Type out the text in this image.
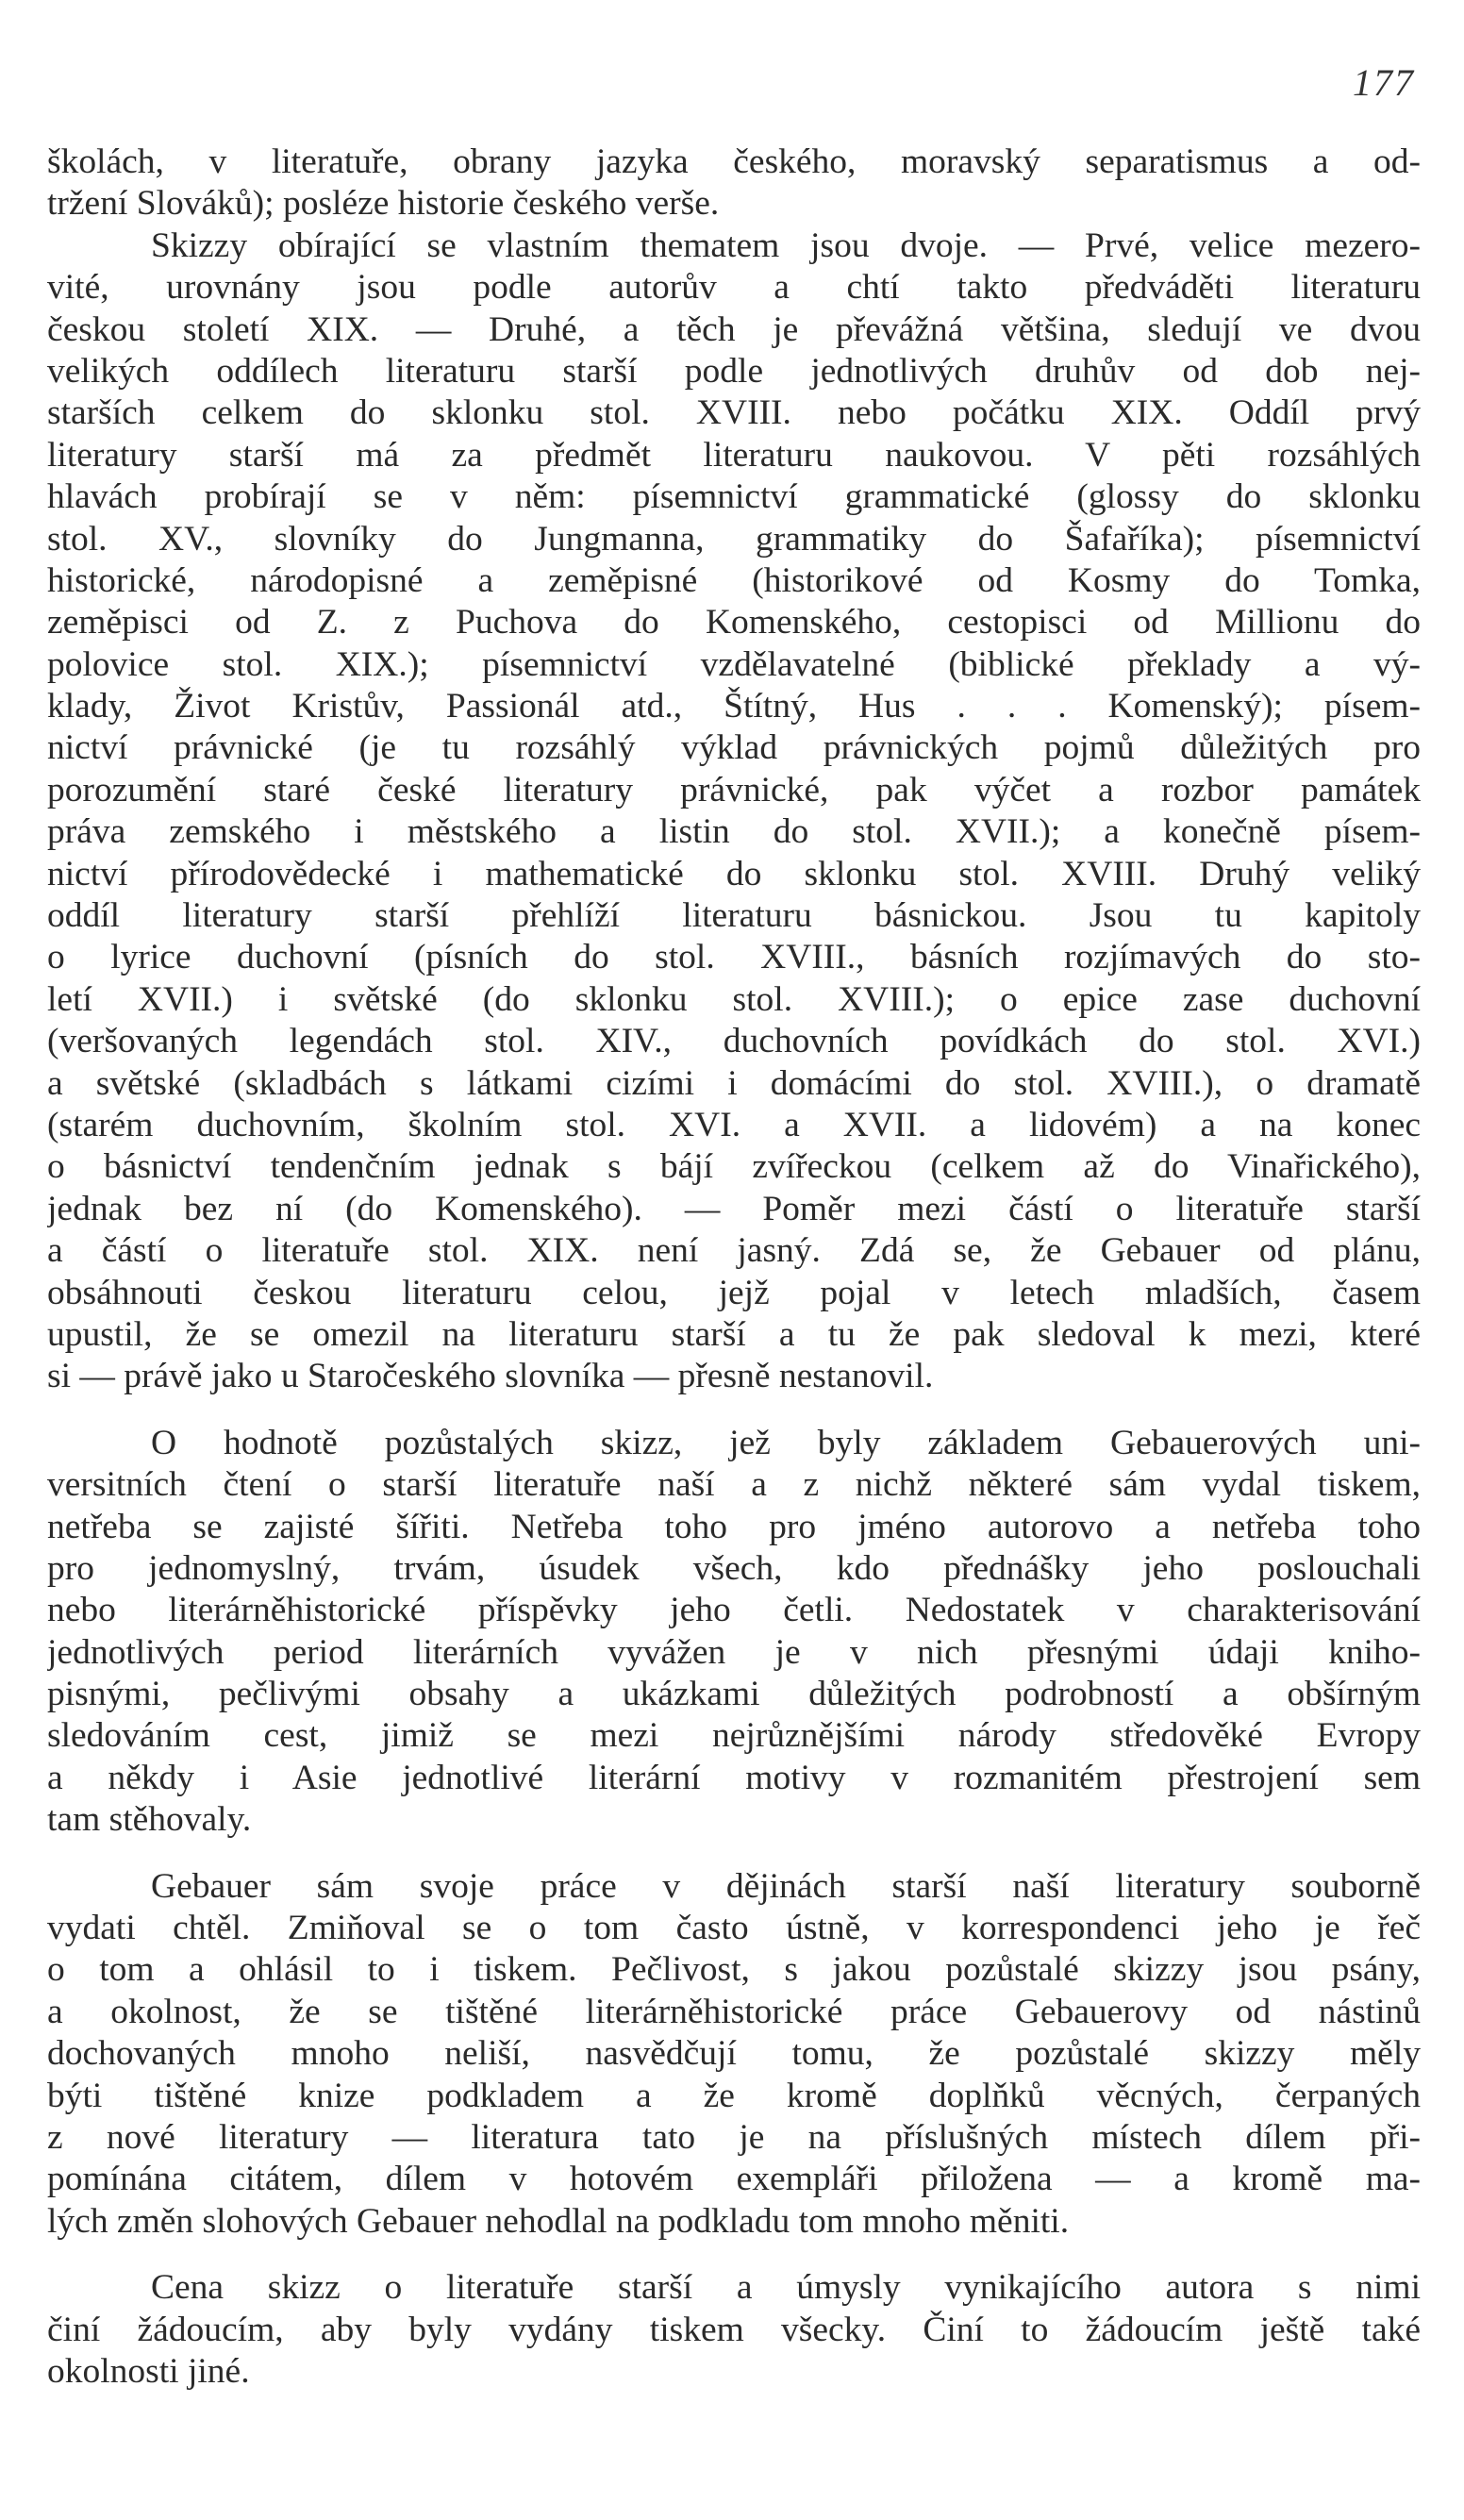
177
školách, v literatuře, obrany jazyka českého, moravský separatismus a od-
tržení Slováků); posléze historie českého verše.
Skizzy obírající se vlastním thematem jsou dvoje. — Prvé, velice mezero-
vité, urovnány jsou podle autorův a chtí takto předváděti literaturu
českou století XIX. — Druhé, a těch je převážná většina, sledují ve dvou
velikých oddílech literaturu starší podle jednotlivých druhův od dob nej-
starších celkem do sklonku stol. XVIII. nebo počátku XIX. Oddíl prvý
literatury starší má za předmět literaturu naukovou. V pěti rozsáhlých
hlavách probírají se v něm: písemnictví grammatické (glossy do sklonku
stol. XV., slovníky do Jungmanna, grammatiky do Šafaříka); písemnictví
historické, národopisné a zeměpisné (historikové od Kosmy do Tomka,
zeměpisci od Z. z Puchova do Komenského, cestopisci od Millionu do
polovice stol. XIX.); písemnictví vzdělavatelné (biblické překlady a vý-
klady, Život Kristův, Passionál atd., Štítný, Hus . . . Komenský); písem-
nictví právnické (je tu rozsáhlý výklad právnických pojmů důležitých pro
porozumění staré české literatury právnické, pak výčet a rozbor památek
práva zemského i městského a listin do stol. XVII.); a konečně písem-
nictví přírodovědecké i mathematické do sklonku stol. XVIII. Druhý veliký
oddíl literatury starší přehlíží literaturu básnickou. Jsou tu kapitoly
o lyrice duchovní (písních do stol. XVIII., básních rozjímavých do sto-
letí XVII.) i světské (do sklonku stol. XVIII.); o epice zase duchovní
(veršovaných legendách stol. XIV., duchovních povídkách do stol. XVI.)
a světské (skladbách s látkami cizími i domácími do stol. XVIII.), o dramatě
(starém duchovním, školním stol. XVI. a XVII. a lidovém) a na konec
o básnictví tendenčním jednak s bájí zvířeckou (celkem až do Vinařického),
jednak bez ní (do Komenského). — Poměr mezi částí o literatuře starší
a částí o literatuře stol. XIX. není jasný. Zdá se, že Gebauer od plánu,
obsáhnouti českou literaturu celou, jejž pojal v letech mladších, časem
upustil, že se omezil na literaturu starší a tu že pak sledoval k mezi, které
si — právě jako u Staročeského slovníka — přesně nestanovil.
O hodnotě pozůstalých skizz, jež byly základem Gebauerových uni-
versitních čtení o starší literatuře naší a z nichž některé sám vydal tiskem,
netřeba se zajisté šířiti. Netřeba toho pro jméno autorovo a netřeba toho
pro jednomyslný, trvám, úsudek všech, kdo přednášky jeho poslouchali
nebo literárněhistorické příspěvky jeho četli. Nedostatek v charakterisování
jednotlivých period literárních vyvážen je v nich přesnými údaji kniho-
pisnými, pečlivými obsahy a ukázkami důležitých podrobností a obšírným
sledováním cest, jimiž se mezi nejrůznějšími národy středověké Evropy
a někdy i Asie jednotlivé literární motivy v rozmanitém přestrojení sem
tam stěhovaly.
Gebauer sám svoje práce v dějinách starší naší literatury souborně
vydati chtěl. Zmiňoval se o tom často ústně, v korrespondenci jeho je řeč
o tom a ohlásil to i tiskem. Pečlivost, s jakou pozůstalé skizzy jsou psány,
a okolnost, že se tištěné literárněhistorické práce Gebauerovy od nástinů
dochovaných mnoho neliší, nasvědčují tomu, že pozůstalé skizzy měly
býti tištěné knize podkladem a že kromě doplňků věcných, čerpaných
z nové literatury — literatura tato je na příslušných místech dílem při-
pomínána citátem, dílem v hotovém exempláři přiložena — a kromě ma-
lých změn slohových Gebauer nehodlal na podkladu tom mnoho měniti.
Cena skizz o literatuře starší a úmysly vynikajícího autora s nimi
činí žádoucím, aby byly vydány tiskem všecky. Činí to žádoucím ještě také
okolnosti jiné.
